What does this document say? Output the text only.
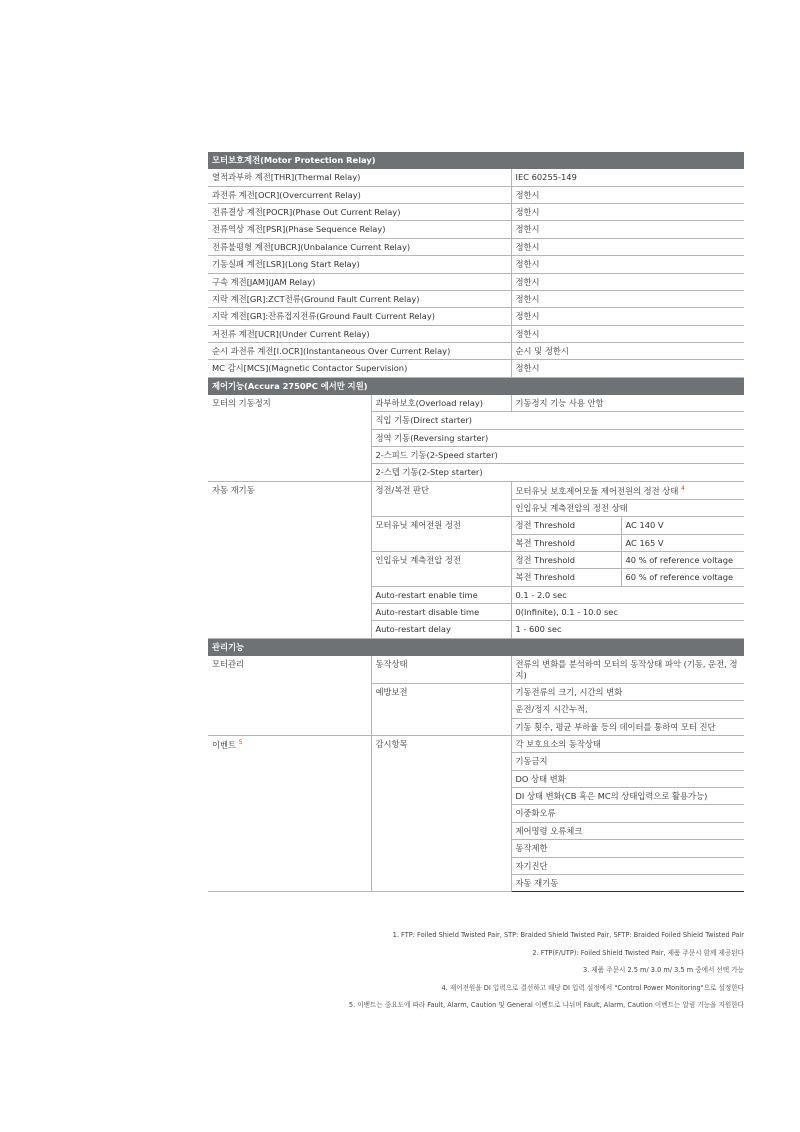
모터보호계전(Motor Protection Relay)			
열적과부하 계전[THR](Thermal Relay)		IEC 60255-149	
과전류 계전[OCR](Overcurrent Relay)		정한시	
전류결상 계전[POCR](Phase Out Current Relay)		정한시	
전류역상 계전[PSR](Phase Sequence Relay)		정한시	
전류불평형 계전[UBCR](Unbalance Current Relay)		정한시	
기동실패 계전[LSR](Long Start Relay)		정한시	
구속 계전[JAM](JAM Relay)		정한시	
지락 계전[GR]:ZCT전류(Ground Fault Current Relay)		정한시	
지락 계전[GR]:잔류접지전류(Ground Fault Current Relay)		정한시	
저전류 계전[UCR](Under Current Relay)		정한시	
순시 과전류 계전[I.OCR](Instantaneous Over Current Relay)		순시 및 정한시	
MC 감시[MCS](Magnetic Contactor Supervision)		정한시	
제어기능(Accura 2750PC 에서만 지원)			
모터의 기동정지	과부하보호(Overload relay)	기동정지 기능 사용 안함	
	직입 기동(Direct starter)		
	정역 기동(Reversing starter)		
	2-스피드 기동(2-Speed starter)		
	2-스텝 기동(2-Step starter)		
자동 재기동	정전/복전 판단	모터유닛 보호제어모듈 제어전원의 정전 상태 $^4$
		인입유닛 계측전압의 정전 상태	
	모터유닛 제어전원 정전	정전 Threshold	AC 140 V
		복전 Threshold	AC 165 V
	인입유닛 계측전압 정전	정전 Threshold	40 % of reference voltage
		복전 Threshold	60 % of reference voltage
	Auto-restart enable time	0.1 - 2.0 sec	
	Auto-restart disable time	0(Infinite), 0.1 - 10.0 sec	
	Auto-restart delay	1 - 600 sec	
관리기능			
모터관리	동작상태	전류의 변화를 분석하여 모터의 동작상태 파악 (기동, 운전, 정지)	
	예방보전	기동전류의 크기, 시간의 변화	
		운전/정지 시간누적,	
		기동 횟수, 평균 부하율 등의 데이터를 통하여 모터 진단	
이벤트 $^5$	감시항목	각 보호요소의 동작상태	
		기동금지	
		DO 상태 변화	
		DI 상태 변화(CB 혹은 MC의 상태입력으로 활용가능)	
		이중화오류	
		제어명령 오류체크	
		동작제한	
		자기진단	
		자동 재기동	
1. FTP: Foiled Shield Twisted Pair, STP: Braided Shield Twisted Pair, SFTP: Braided Foiled Shield Twisted Pair
2. FTP(F/UTP): Foiled Shield Twisted Pair, 제품 주문시 함께 제공된다
3. 제품 주문시 2.5 m/ 3.0 m/ 3.5 m 중에서 선택 가능
4. 제어전원을 DI 입력으로 결선하고 해당 DI 입력 설정에서 "Control Power Monitoring"으로 설정한다
5. 이벤트는 중요도에 따라 Fault, Alarm, Caution 및 General 이벤트로 나뉘며 Fault, Alarm, Caution 이벤트는 알림 기능을 지원한다
